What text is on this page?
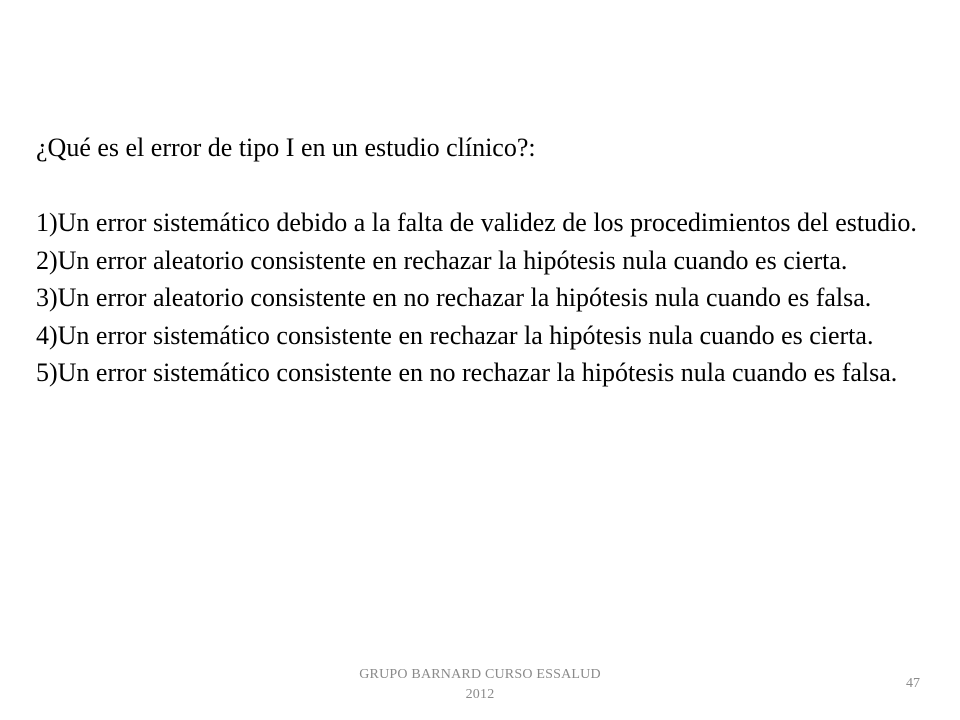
¿Qué es el error de tipo I en un estudio clínico?:

1)Un error sistemático debido a la falta de validez de los procedimientos del estudio.

2)Un error aleatorio consistente en rechazar la hipótesis nula cuando es cierta.

3)Un error aleatorio consistente en no rechazar la hipótesis nula cuando es falsa.

4)Un error sistemático consistente en rechazar la hipótesis nula cuando es cierta.

5)Un error sistemático consistente en no rechazar la hipótesis nula cuando es falsa.

GRUPO BARNARD CURSO ESSALUD
2012
47
